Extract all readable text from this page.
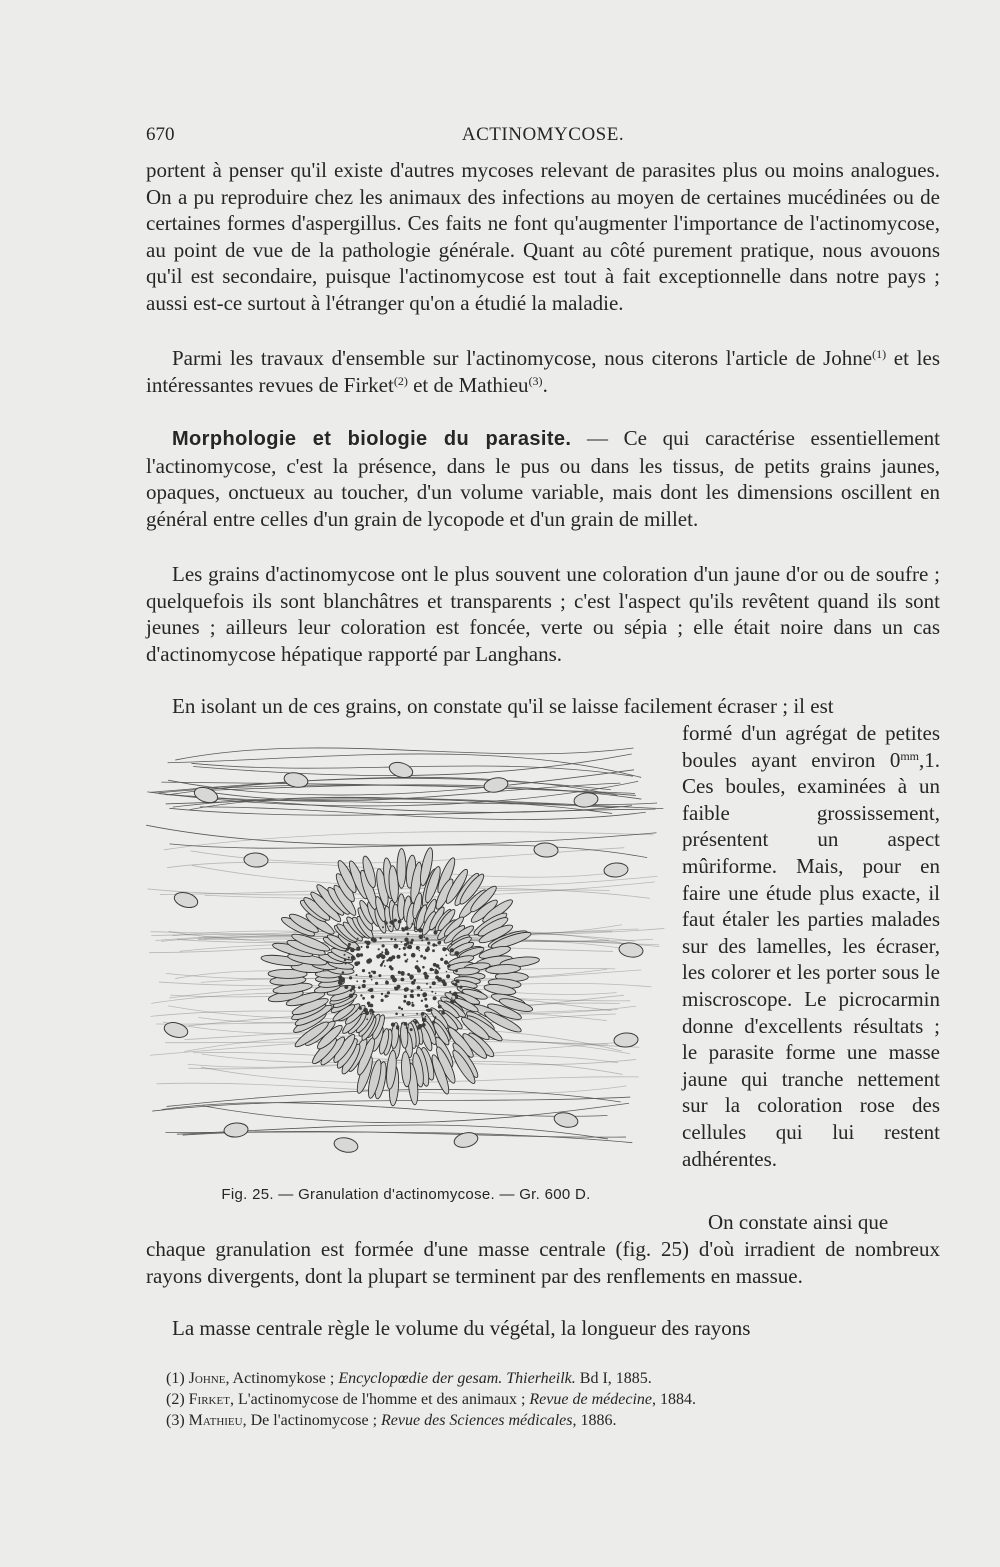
670	ACTINOMYCOSE.

portent à penser qu'il existe d'autres mycoses relevant de parasites plus ou moins analogues. On a pu reproduire chez les animaux des infections au moyen de certaines mucédinées ou de certaines formes d'aspergillus. Ces faits ne font qu'augmenter l'importance de l'actinomycose, au point de vue de la pathologie générale. Quant au côté purement pratique, nous avouons qu'il est secondaire, puisque l'actinomycose est tout à fait exceptionnelle dans notre pays ; aussi est-ce surtout à l'étranger qu'on a étudié la maladie.

Parmi les travaux d'ensemble sur l'actinomycose, nous citerons l'article de Johne$^{(1)}$ et les intéressantes revues de Firket$^{(2)}$ et de Mathieu$^{(3)}$.

Morphologie et biologie du parasite. — Ce qui caractérise essentiellement l'actinomycose, c'est la présence, dans le pus ou dans les tissus, de petits grains jaunes, opaques, onctueux au toucher, d'un volume variable, mais dont les dimensions oscillent en général entre celles d'un grain de lycopode et d'un grain de millet.

Les grains d'actinomycose ont le plus souvent une coloration d'un jaune d'or ou de soufre ; quelquefois ils sont blanchâtres et transparents ; c'est l'aspect qu'ils revêtent quand ils sont jeunes ; ailleurs leur coloration est foncée, verte ou sépia ; elle était noire dans un cas d'actinomycose hépatique rapporté par Langhans.

En isolant un de ces grains, on constate qu'il se laisse facilement écraser ; il est

formé d'un agrégat de petites boules ayant environ $0^{mm},1$. Ces boules, examinées à un faible grossissement, présentent un aspect mûriforme. Mais, pour en faire une étude plus exacte, il faut étaler les parties malades sur des lamelles, les écraser, les colorer et les porter sous le miscroscope. Le picrocarmin donne d'excellents résultats ; le parasite forme une masse jaune qui tranche nettement sur la coloration rose des cellules qui lui restent adhérentes.

Fig. 25. — Granulation d'actinomycose. — Gr. 600 D.

On constate ainsi que

chaque granulation est formée d'une masse centrale (fig. 25) d'où irradient de nombreux rayons divergents, dont la plupart se terminent par des renflements en massue.

La masse centrale règle le volume du végétal, la longueur des rayons

(1) Johne, Actinomykose ; Encyclopœdie der gesam. Thierheilk. Bd I, 1885.

(2) Firket, L'actinomycose de l'homme et des animaux ; Revue de médecine, 1884.

(3) Mathieu, De l'actinomycose ; Revue des Sciences médicales, 1886.
